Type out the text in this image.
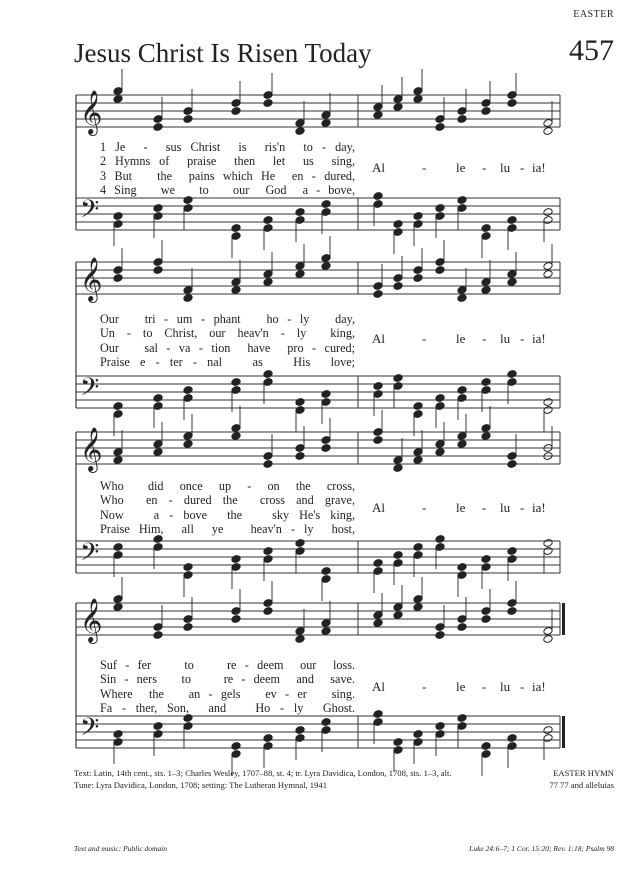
EASTER
Jesus Christ Is Risen Today	457
𝄞
𝄢
1 Je  -  sus Christ  is  ris'n  to - day,
2 Hymns of  praise  then  let  us  sing,
3 But   the  pains which He  en - dured,
4 Sing   we   to   our  God  a - bove,
Al	- le - lu - ia!
𝄞
𝄢
Our   tri - um - phant   ho - ly   day,
Un - to Christ, our heav'n - ly  king,
Our   sal - va - tion  have  pro - cured;
Praise e - ter - nal   as   His  love;
Al	- le - lu - ia!
𝄞
𝄢
Who   did  once  up  -  on  the  cross,
Who  en - dured the  cross and grave,
Now   a - bove  the   sky He's king,
Praise Him,  all  ye   heav'n - ly  host,
Al	- le - lu - ia!
𝄞
𝄢
Suf - fer    to    re - deem  our  loss.
Sin - ners   to    re - deem  and  save.
Where  the   an - gels   ev - er   sing.
Fa - ther, Son,  and   Ho - ly  Ghost.
Al	- le - lu - ia!
Text: Latin, 14th cent., sts. 1–3; Charles Wesley, 1707–88, st. 4; tr. Lyra Davidica, London, 1708, sts. 1–3, alt.
Tune: Lyra Davidica, London, 1708; setting: The Lutheran Hymnal, 1941
EASTER HYMN
77 77 and alleluias
Text and music: Public domain	Luke 24:6–7; 1 Cor. 15:20; Rev. 1:18; Psalm 98
